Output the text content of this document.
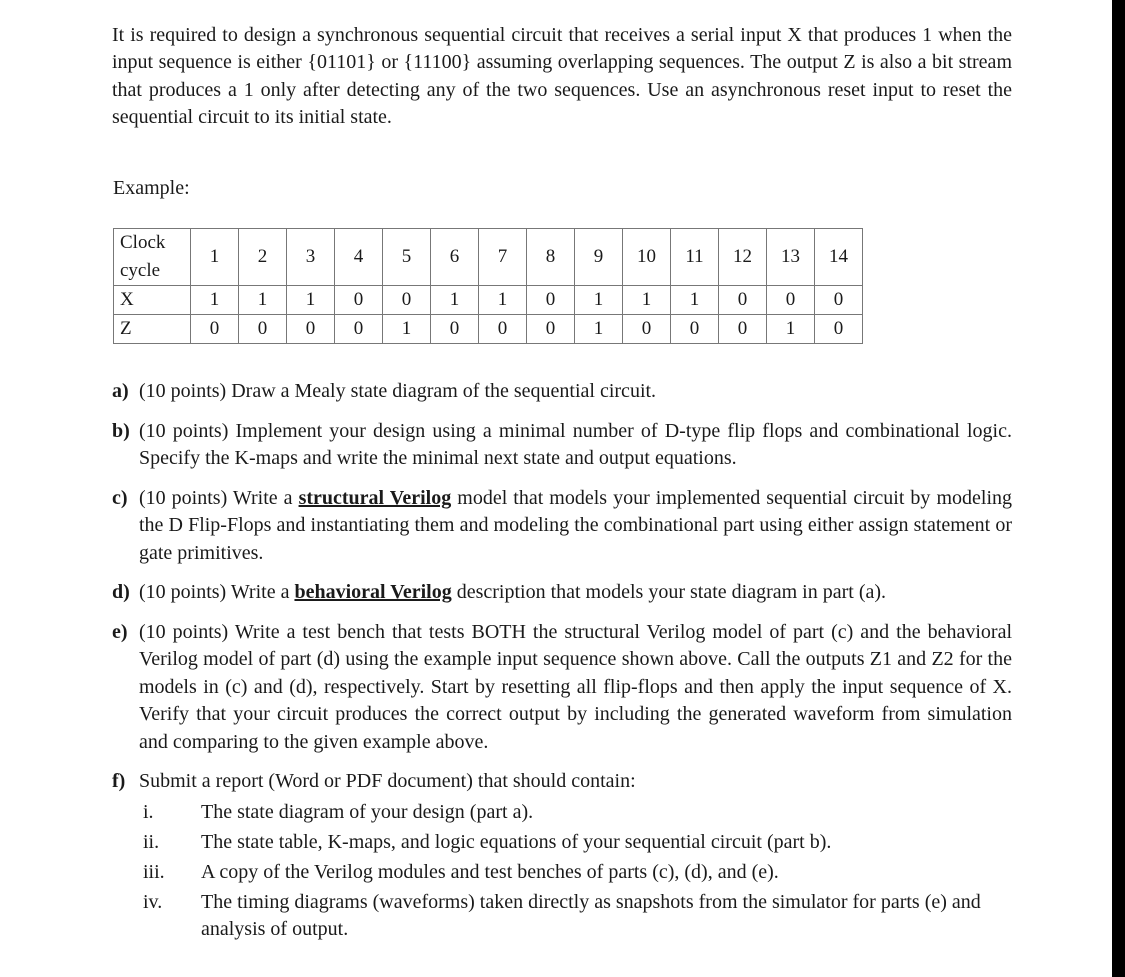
It is required to design a synchronous sequential circuit that receives a serial input X that produces 1 when the input sequence is either {01101} or {11100} assuming overlapping sequences. The output Z is also a bit stream that produces a 1 only after detecting any of the two sequences. Use an asynchronous reset input to reset the sequential circuit to its initial state.

Example:
Clock cycle	1	2	3	4	5	6	7	8	9	10	11	12	13	14
X	1	1	1	0	0	1	1	0	1	1	1	0	0	0
Z	0	0	0	0	1	0	0	0	1	0	0	0	1	0
a) (10 points) Draw a Mealy state diagram of the sequential circuit.
b) (10 points) Implement your design using a minimal number of D-type flip flops and combinational logic. Specify the K-maps and write the minimal next state and output equations.
c) (10 points) Write a structural Verilog model that models your implemented sequential circuit by modeling the D Flip-Flops and instantiating them and modeling the combinational part using either assign statement or gate primitives.
d) (10 points) Write a behavioral Verilog description that models your state diagram in part (a).
e) (10 points) Write a test bench that tests BOTH the structural Verilog model of part (c) and the behavioral Verilog model of part (d) using the example input sequence shown above. Call the outputs Z1 and Z2 for the models in (c) and (d), respectively. Start by resetting all flip-flops and then apply the input sequence of X. Verify that your circuit produces the correct output by including the generated waveform from simulation and comparing to the given example above.
f) Submit a report (Word or PDF document) that should contain:
i.	The state diagram of your design (part a).
ii.	The state table, K-maps, and logic equations of your sequential circuit (part b).
iii.	A copy of the Verilog modules and test benches of parts (c), (d), and (e).
iv.	The timing diagrams (waveforms) taken directly as snapshots from the simulator for parts (e) and analysis of output.
